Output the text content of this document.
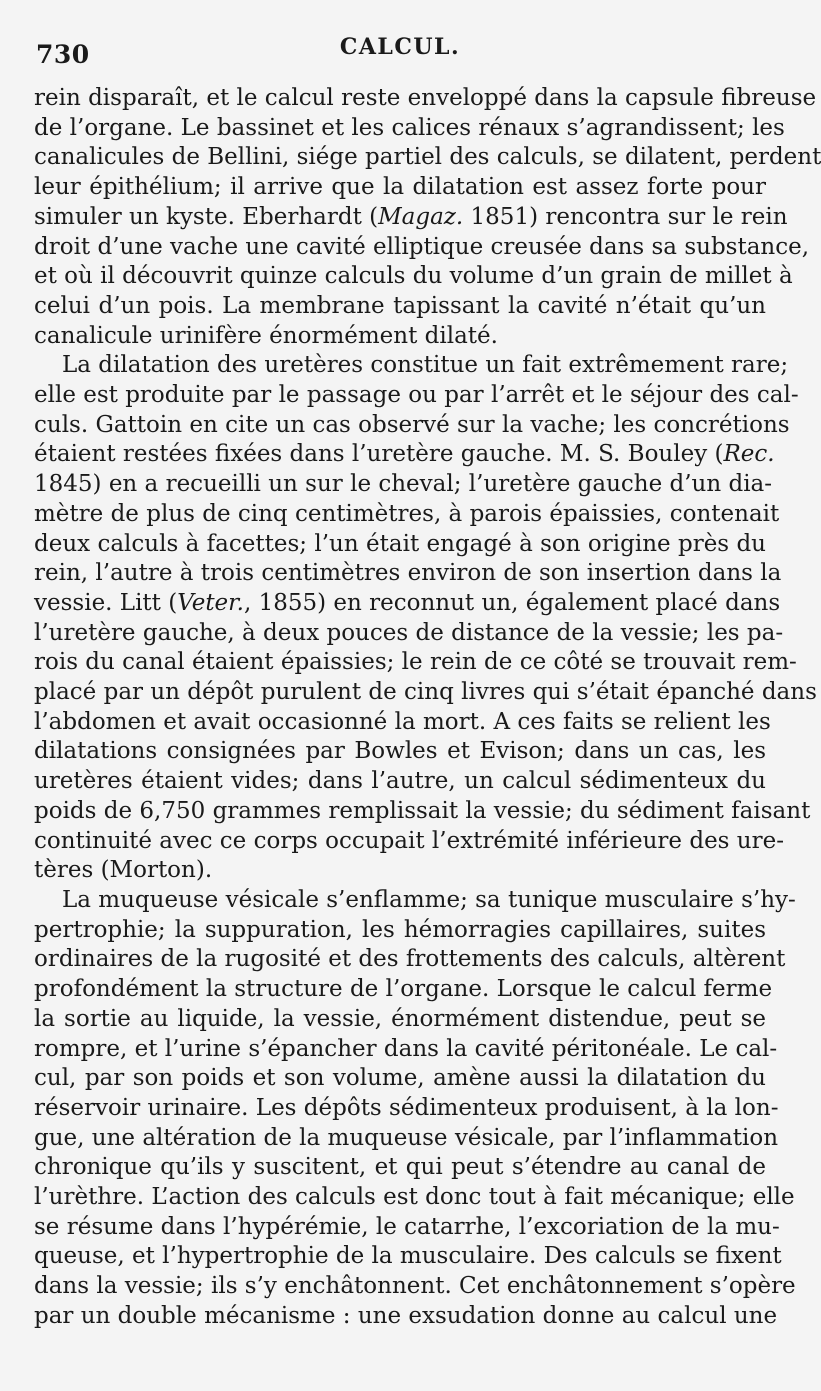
730	CALCUL.

rein disparaît, et le calcul reste enveloppé dans la capsule fibreuse
de l’organe. Le bassinet et les calices rénaux s’agrandissent; les
canalicules de Bellini, siége partiel des calculs, se dilatent, perdent
leur épithélium; il arrive que la dilatation est assez forte pour
simuler un kyste. Eberhardt (Magaz. 1851) rencontra sur le rein
droit d’une vache une cavité elliptique creusée dans sa substance,
et où il découvrit quinze calculs du volume d’un grain de millet à
celui d’un pois. La membrane tapissant la cavité n’était qu’un
canalicule urinifère énormément dilaté.

La dilatation des uretères constitue un fait extrêmement rare;
elle est produite par le passage ou par l’arrêt et le séjour des cal-
culs. Gattoin en cite un cas observé sur la vache; les concrétions
étaient restées fixées dans l’uretère gauche. M. S. Bouley (Rec.
1845) en a recueilli un sur le cheval; l’uretère gauche d’un dia-
mètre de plus de cinq centimètres, à parois épaissies, contenait
deux calculs à facettes; l’un était engagé à son origine près du
rein, l’autre à trois centimètres environ de son insertion dans la
vessie. Litt (Veter., 1855) en reconnut un, également placé dans
l’uretère gauche, à deux pouces de distance de la vessie; les pa-
rois du canal étaient épaissies; le rein de ce côté se trouvait rem-
placé par un dépôt purulent de cinq livres qui s’était épanché dans
l’abdomen et avait occasionné la mort. A ces faits se relient les
dilatations consignées par Bowles et Evison; dans un cas, les
uretères étaient vides; dans l’autre, un calcul sédimenteux du
poids de 6,750 grammes remplissait la vessie; du sédiment faisant
continuité avec ce corps occupait l’extrémité inférieure des ure-
tères (Morton).

La muqueuse vésicale s’enflamme; sa tunique musculaire s’hy-
pertrophie; la suppuration, les hémorragies capillaires, suites
ordinaires de la rugosité et des frottements des calculs, altèrent
profondément la structure de l’organe. Lorsque le calcul ferme
la sortie au liquide, la vessie, énormément distendue, peut se
rompre, et l’urine s’épancher dans la cavité péritonéale. Le cal-
cul, par son poids et son volume, amène aussi la dilatation du
réservoir urinaire. Les dépôts sédimenteux produisent, à la lon-
gue, une altération de la muqueuse vésicale, par l’inflammation
chronique qu’ils y suscitent, et qui peut s’étendre au canal de
l’urèthre. L’action des calculs est donc tout à fait mécanique; elle
se résume dans l’hypérémie, le catarrhe, l’excoriation de la mu-
queuse, et l’hypertrophie de la musculaire. Des calculs se fixent
dans la vessie; ils s’y enchâtonnent. Cet enchâtonnement s’opère
par un double mécanisme : une exsudation donne au calcul une
